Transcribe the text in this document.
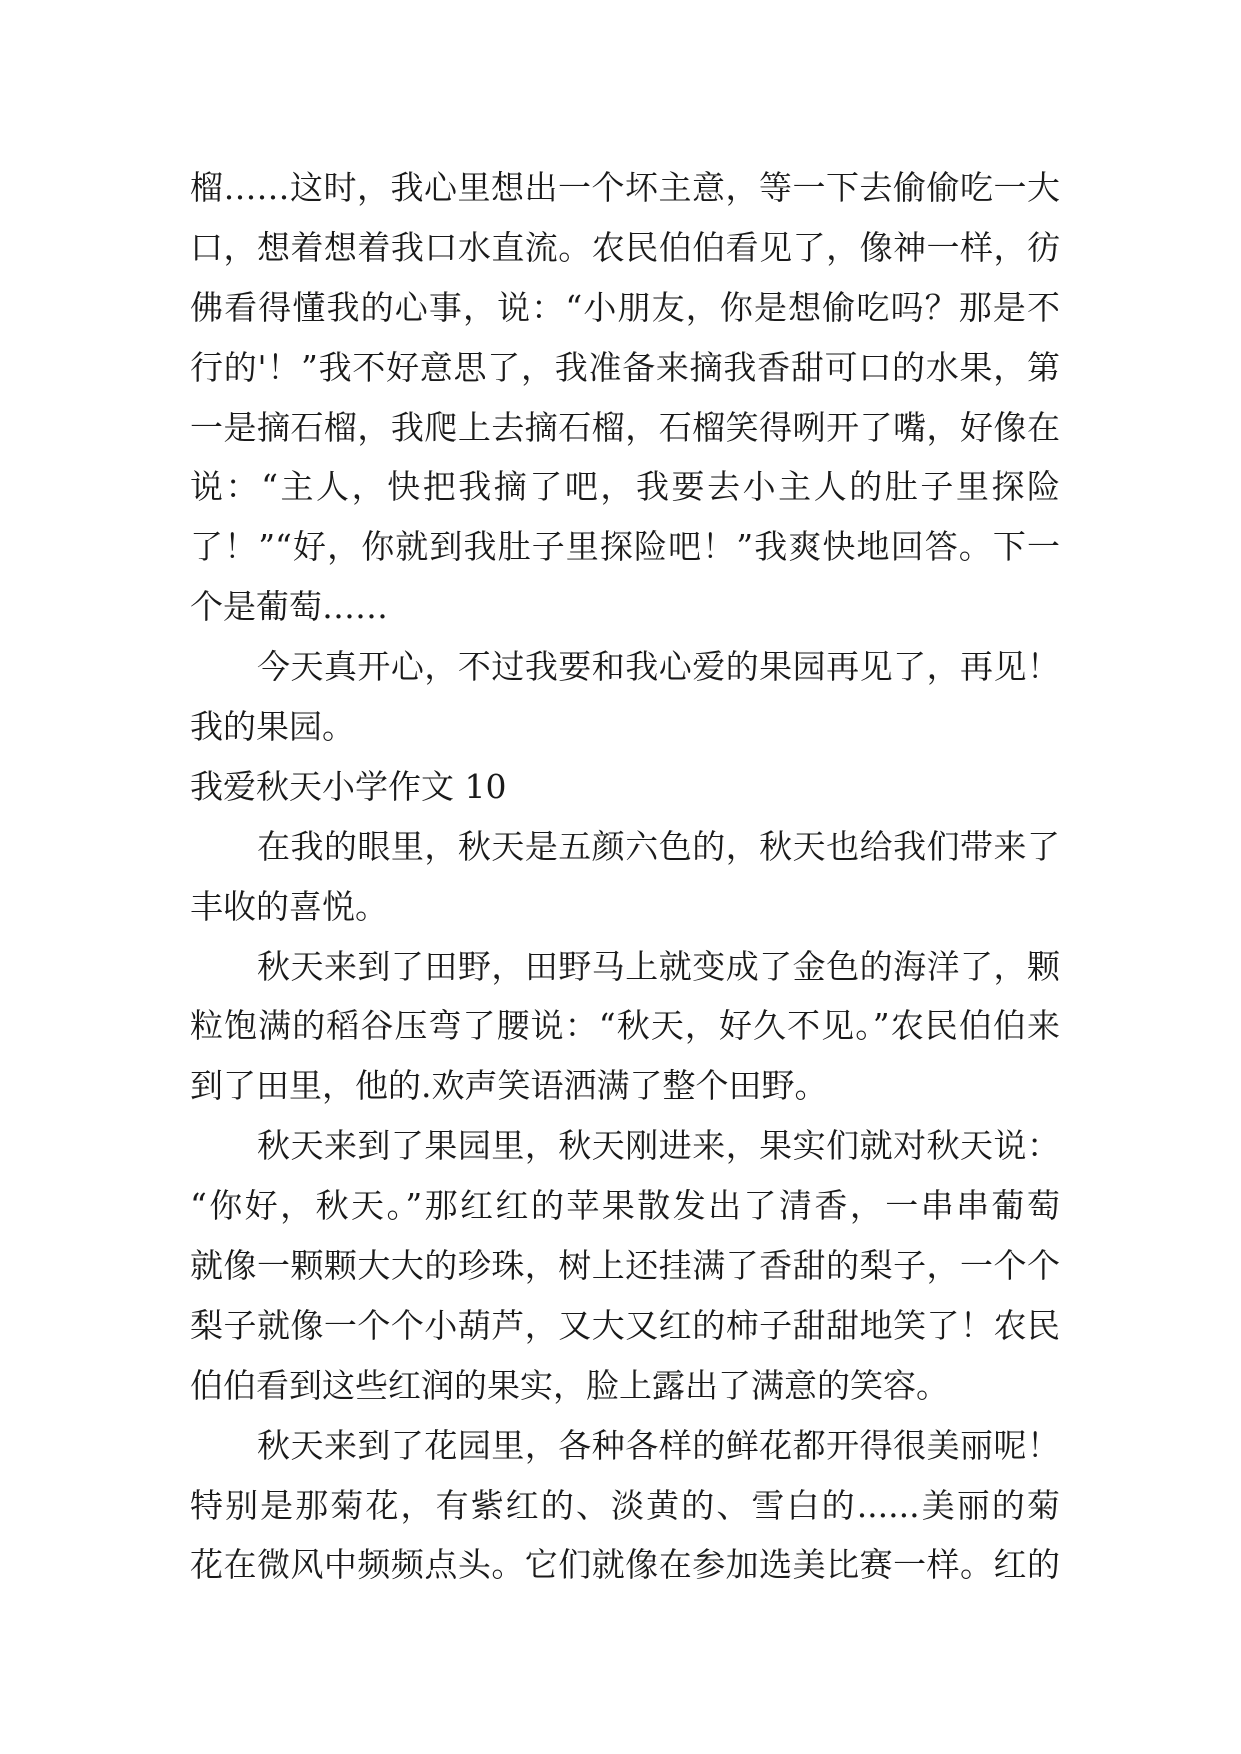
榴……这时，我心里想出一个坏主意，等一下去偷偷吃一大
口，想着想着我口水直流。农民伯伯看见了，像神一样，彷
佛看得懂我的心事，说：“小朋友，你是想偷吃吗？那是不
行的'！”我不好意思了，我准备来摘我香甜可口的水果，第
一是摘石榴，我爬上去摘石榴，石榴笑得咧开了嘴，好像在
说：“主人，快把我摘了吧，我要去小主人的肚子里探险
了！”“好，你就到我肚子里探险吧！”我爽快地回答。下一
个是葡萄……
今天真开心，不过我要和我心爱的果园再见了，再见！
我的果园。
我爱秋天小学作文 10
在我的眼里，秋天是五颜六色的，秋天也给我们带来了
丰收的喜悦。
秋天来到了田野，田野马上就变成了金色的海洋了，颗
粒饱满的稻谷压弯了腰说：“秋天，好久不见。”农民伯伯来
到了田里，他的.欢声笑语洒满了整个田野。
秋天来到了果园里，秋天刚进来，果实们就对秋天说：
“你好，秋天。”那红红的苹果散发出了清香，一串串葡萄
就像一颗颗大大的珍珠，树上还挂满了香甜的梨子，一个个
梨子就像一个个小葫芦，又大又红的柿子甜甜地笑了！农民
伯伯看到这些红润的果实，脸上露出了满意的笑容。
秋天来到了花园里，各种各样的鲜花都开得很美丽呢！
特别是那菊花，有紫红的、淡黄的、雪白的......美丽的菊
花在微风中频频点头。它们就像在参加选美比赛一样。红的
